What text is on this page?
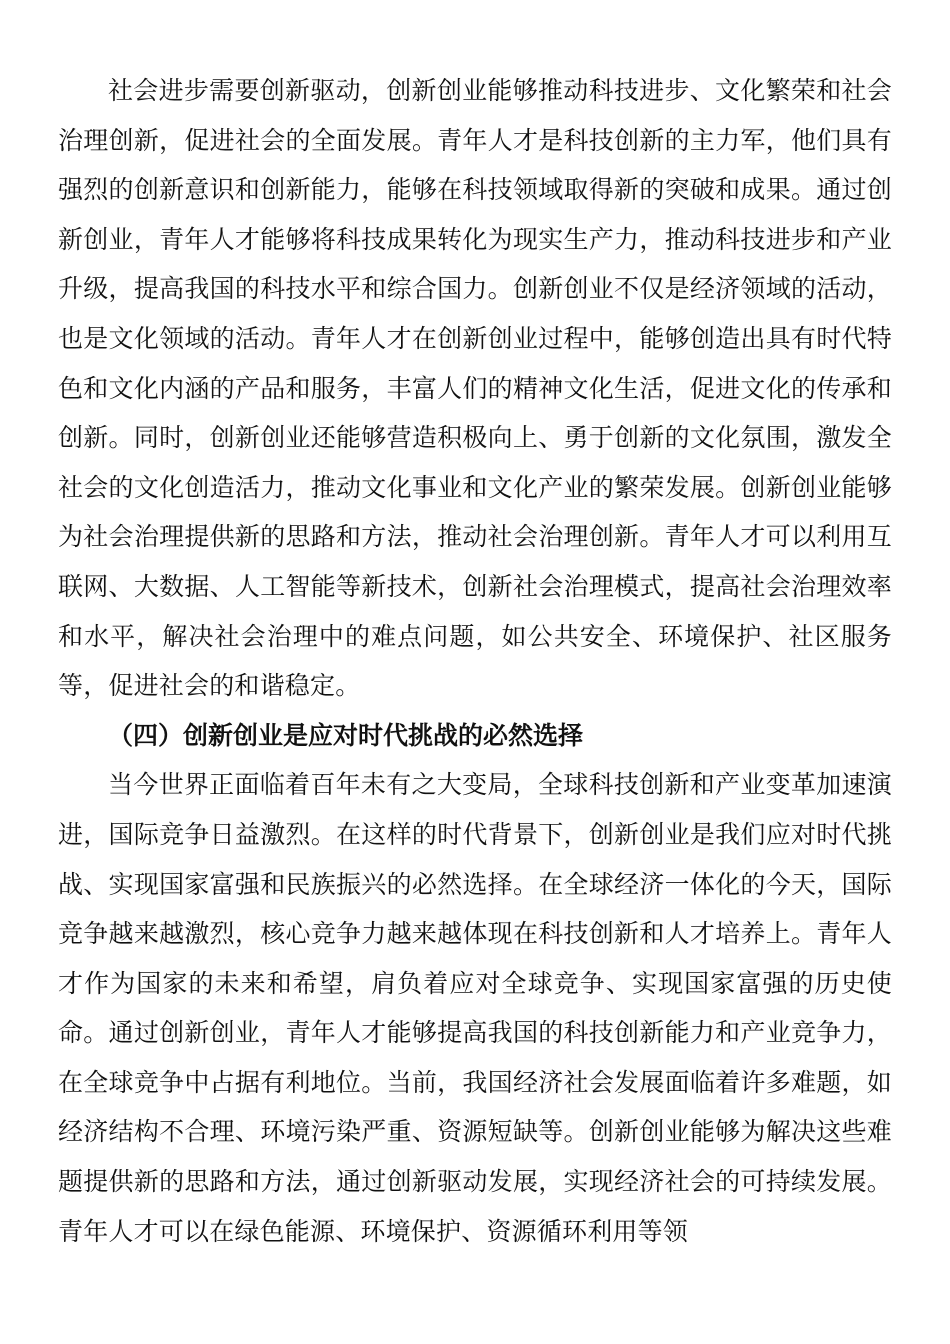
社会进步需要创新驱动，创新创业能够推动科技进步、文化繁荣和社会治理创新，促进社会的全面发展。青年人才是科技创新的主力军，他们具有强烈的创新意识和创新能力，能够在科技领域取得新的突破和成果。通过创新创业，青年人才能够将科技成果转化为现实生产力，推动科技进步和产业升级，提高我国的科技水平和综合国力。创新创业不仅是经济领域的活动，也是文化领域的活动。青年人才在创新创业过程中，能够创造出具有时代特色和文化内涵的产品和服务，丰富人们的精神文化生活，促进文化的传承和创新。同时，创新创业还能够营造积极向上、勇于创新的文化氛围，激发全社会的文化创造活力，推动文化事业和文化产业的繁荣发展。创新创业能够为社会治理提供新的思路和方法，推动社会治理创新。青年人才可以利用互联网、大数据、人工智能等新技术，创新社会治理模式，提高社会治理效率和水平，解决社会治理中的难点问题，如公共安全、环境保护、社区服务等，促进社会的和谐稳定。

（四）创新创业是应对时代挑战的必然选择

当今世界正面临着百年未有之大变局，全球科技创新和产业变革加速演进，国际竞争日益激烈。在这样的时代背景下，创新创业是我们应对时代挑战、实现国家富强和民族振兴的必然选择。在全球经济一体化的今天，国际竞争越来越激烈，核心竞争力越来越体现在科技创新和人才培养上。青年人才作为国家的未来和希望，肩负着应对全球竞争、实现国家富强的历史使命。通过创新创业，青年人才能够提高我国的科技创新能力和产业竞争力，在全球竞争中占据有利地位。当前，我国经济社会发展面临着许多难题，如经济结构不合理、环境污染严重、资源短缺等。创新创业能够为解决这些难题提供新的思路和方法，通过创新驱动发展，实现经济社会的可持续发展。青年人才可以在绿色能源、环境保护、资源循环利用等领
